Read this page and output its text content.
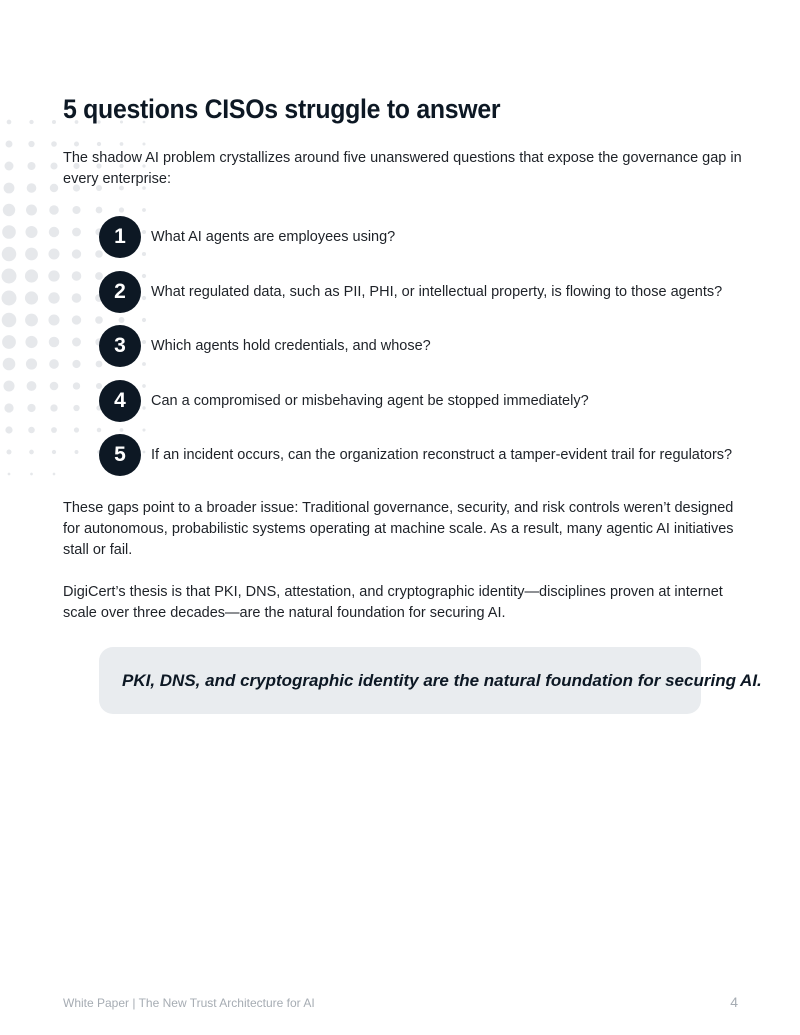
5 questions CISOs struggle to answer

The shadow AI problem crystallizes around five unanswered questions that expose the governance gap in every enterprise:

1	What AI agents are employees using?
2	What regulated data, such as PII, PHI, or intellectual property, is flowing to those agents?
3	Which agents hold credentials, and whose?
4	Can a compromised or misbehaving agent be stopped immediately?
5	If an incident occurs, can the organization reconstruct a tamper-evident trail for regulators?

These gaps point to a broader issue: Traditional governance, security, and risk controls weren’t designed for autonomous, probabilistic systems operating at machine scale. As a result, many agentic AI initiatives stall or fail.

DigiCert’s thesis is that PKI, DNS, attestation, and cryptographic identity—disciplines proven at internet scale over three decades—are the natural foundation for securing AI.

PKI, DNS, and cryptographic identity are the natural foundation for securing AI.
White Paper | The New Trust Architecture for AI	4
